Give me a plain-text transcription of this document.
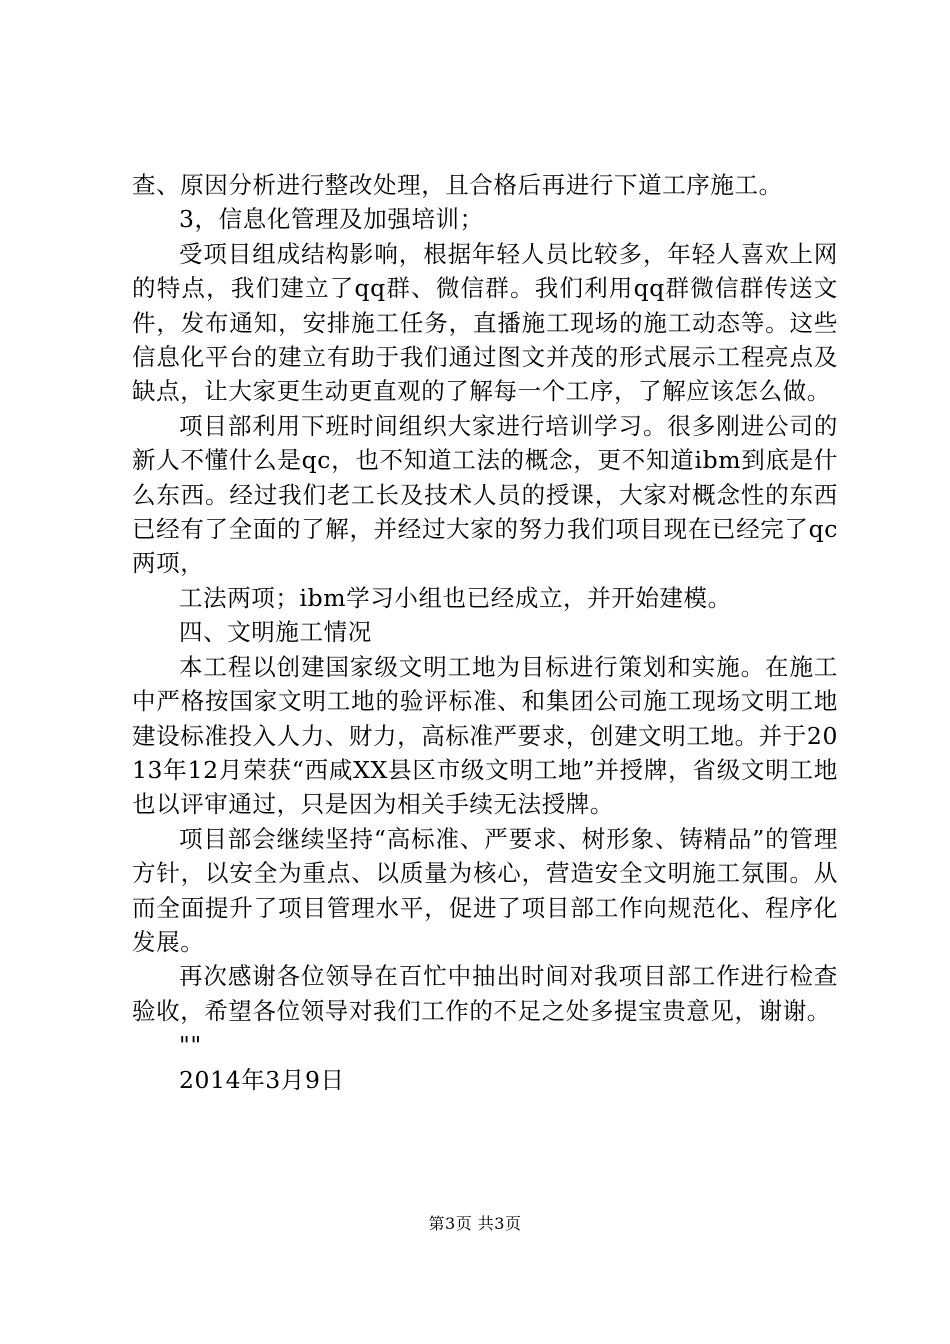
查、原因分析进行整改处理，且合格后再进行下道工序施工。

3，信息化管理及加强培训；

受项目组成结构影响，根据年轻人员比较多，年轻人喜欢上网的特点，我们建立了qq群、微信群。我们利用qq群微信群传送文件，发布通知，安排施工任务，直播施工现场的施工动态等。这些信息化平台的建立有助于我们通过图文并茂的形式展示工程亮点及缺点，让大家更生动更直观的了解每一个工序，了解应该怎么做。

项目部利用下班时间组织大家进行培训学习。很多刚进公司的新人不懂什么是qc，也不知道工法的概念，更不知道ibm到底是什么东西。经过我们老工长及技术人员的授课，大家对概念性的东西已经有了全面的了解，并经过大家的努力我们项目现在已经完了qc两项，

工法两项；ibm学习小组也已经成立，并开始建模。

四、文明施工情况

本工程以创建国家级文明工地为目标进行策划和实施。在施工中严格按国家文明工地的验评标准、和集团公司施工现场文明工地建设标准投入人力、财力，高标准严要求，创建文明工地。并于2013年12月荣获“西咸XX县区市级文明工地”并授牌，省级文明工地也以评审通过，只是因为相关手续无法授牌。

项目部会继续坚持“高标准、严要求、树形象、铸精品”的管理方针，以安全为重点、以质量为核心，营造安全文明施工氛围。从而全面提升了项目管理水平，促进了项目部工作向规范化、程序化发展。

再次感谢各位领导在百忙中抽出时间对我项目部工作进行检查验收，希望各位领导对我们工作的不足之处多提宝贵意见，谢谢。

""

2014年3月9日

第3页 共3页
